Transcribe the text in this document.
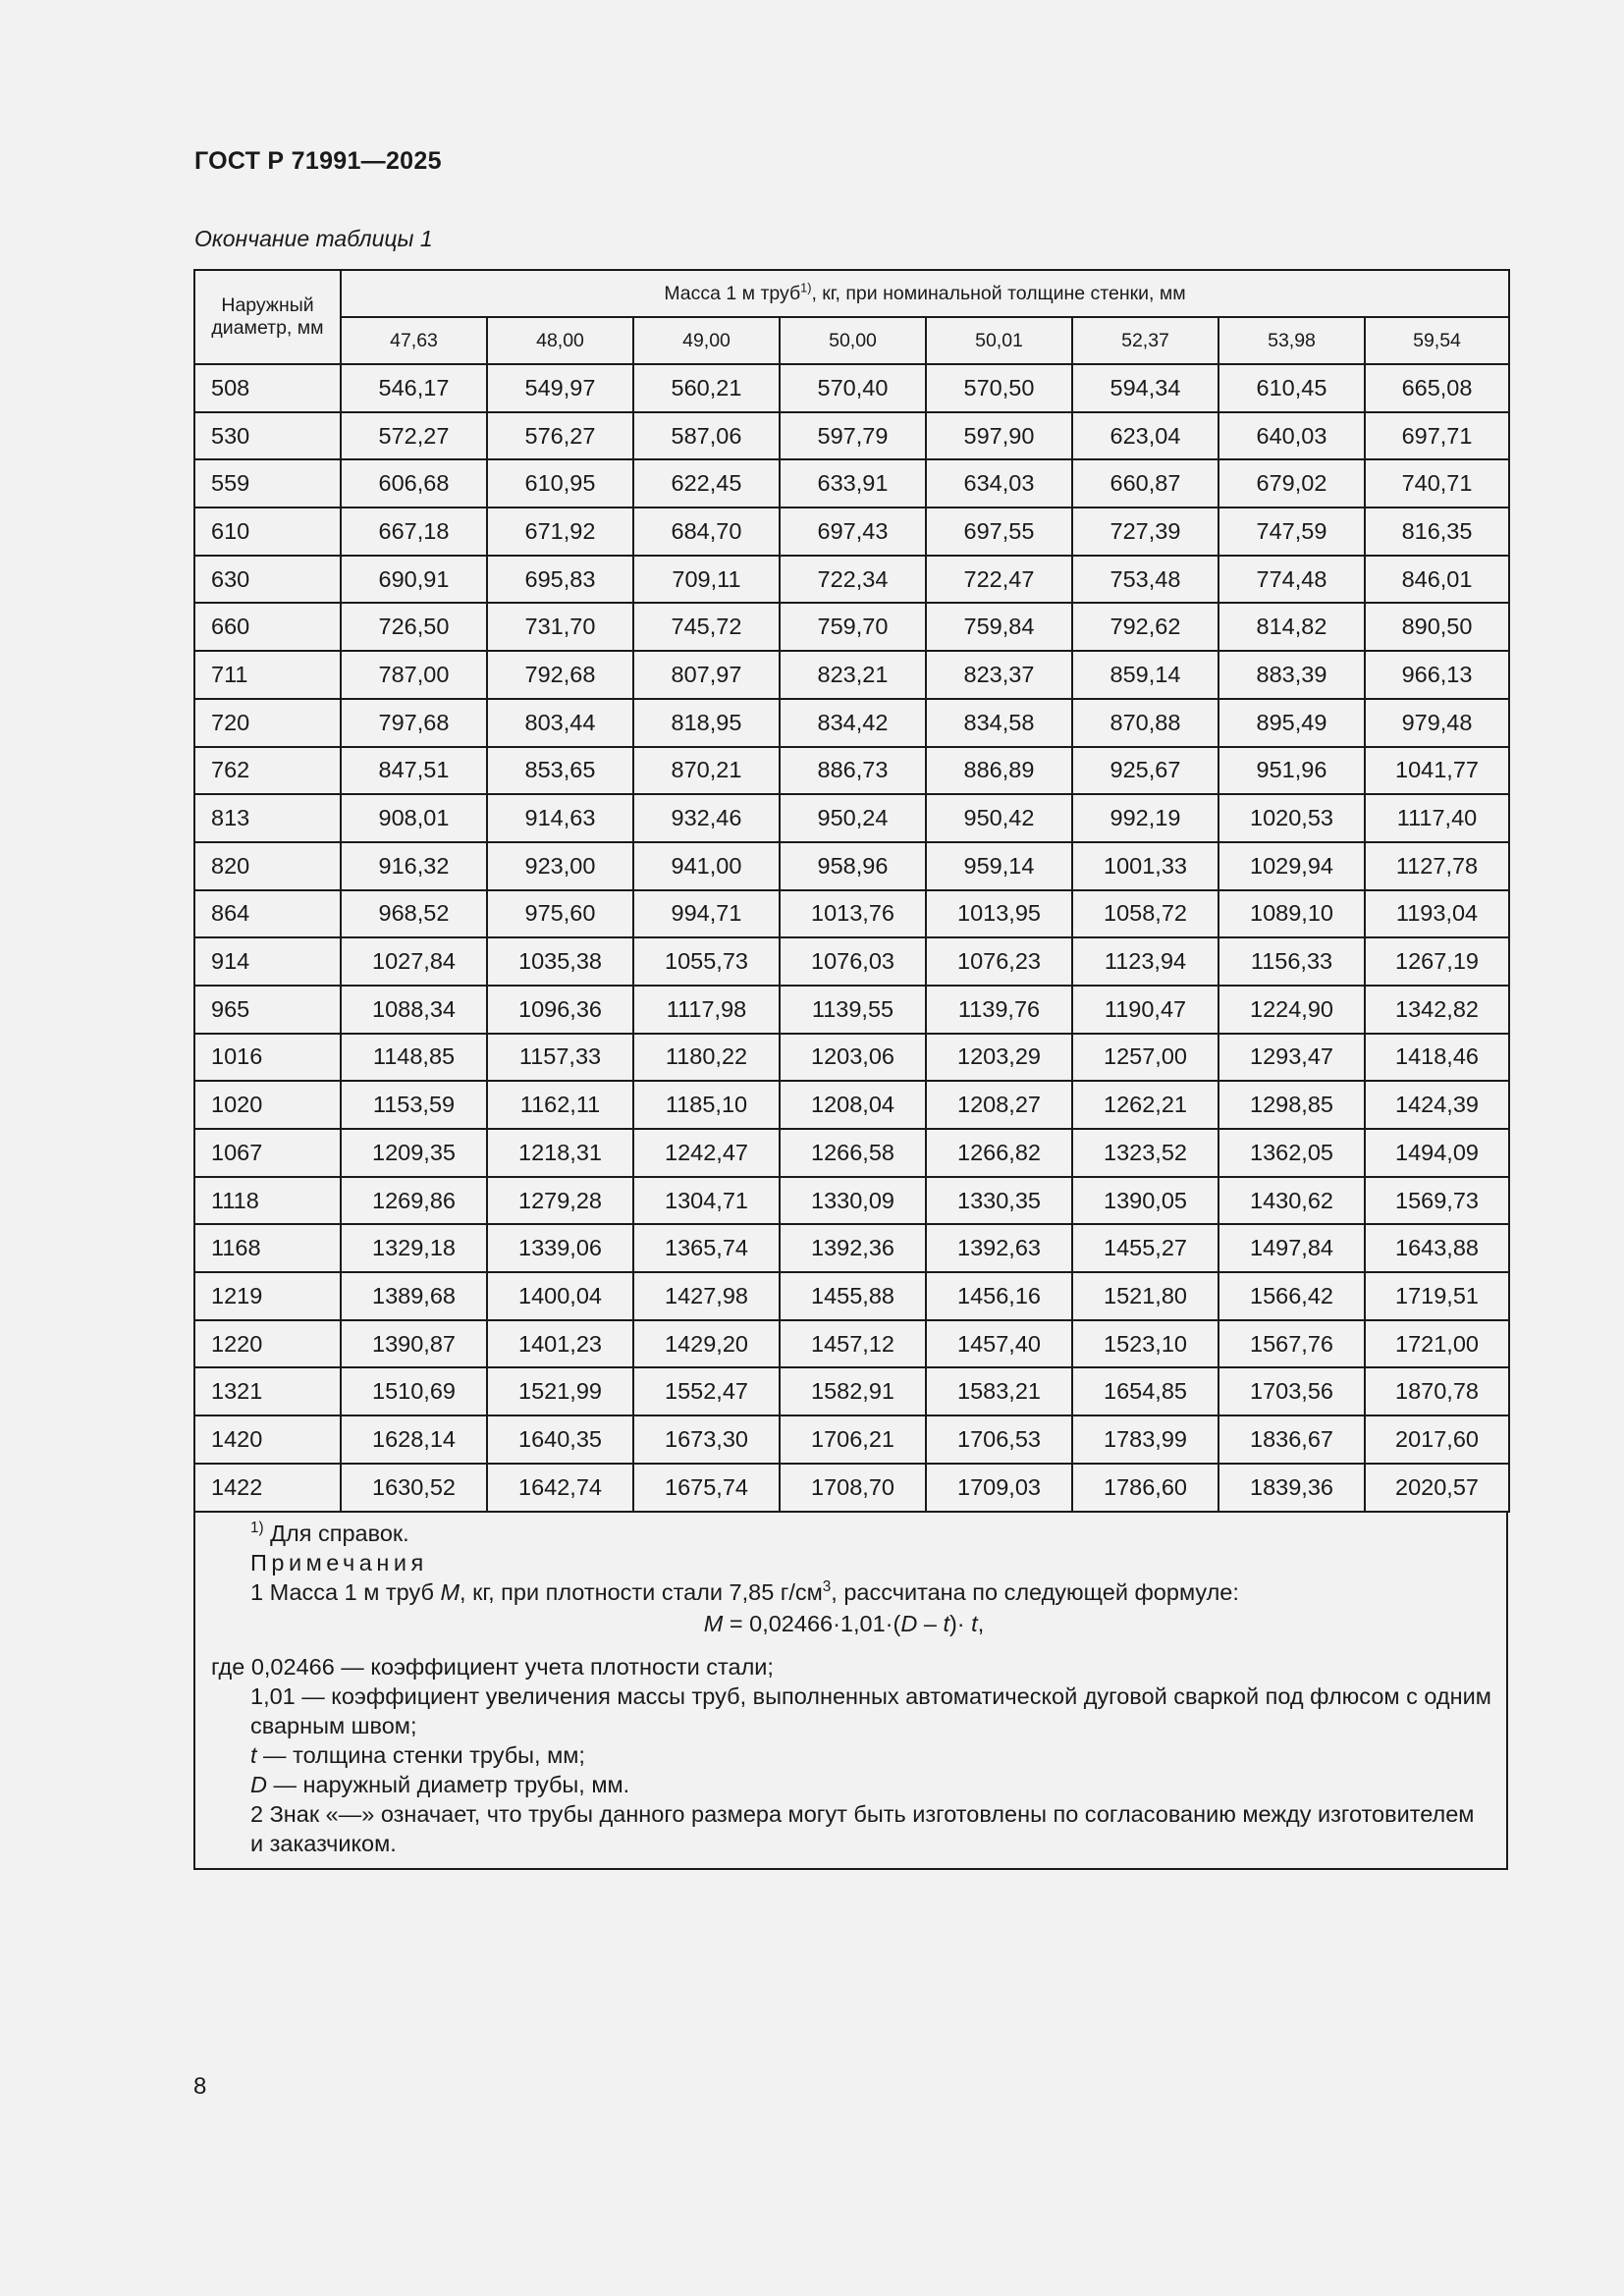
ГОСТ Р 71991—2025
Окончание таблицы 1
Наружный диаметр, мм	Масса 1 м труб$^{1)}$, кг, при номинальной толщине стенки, мм							
	47,63	48,00	49,00	50,00	50,01	52,37	53,98	59,54
508	546,17	549,97	560,21	570,40	570,50	594,34	610,45	665,08
530	572,27	576,27	587,06	597,79	597,90	623,04	640,03	697,71
559	606,68	610,95	622,45	633,91	634,03	660,87	679,02	740,71
610	667,18	671,92	684,70	697,43	697,55	727,39	747,59	816,35
630	690,91	695,83	709,11	722,34	722,47	753,48	774,48	846,01
660	726,50	731,70	745,72	759,70	759,84	792,62	814,82	890,50
711	787,00	792,68	807,97	823,21	823,37	859,14	883,39	966,13
720	797,68	803,44	818,95	834,42	834,58	870,88	895,49	979,48
762	847,51	853,65	870,21	886,73	886,89	925,67	951,96	1041,77
813	908,01	914,63	932,46	950,24	950,42	992,19	1020,53	1117,40
820	916,32	923,00	941,00	958,96	959,14	1001,33	1029,94	1127,78
864	968,52	975,60	994,71	1013,76	1013,95	1058,72	1089,10	1193,04
914	1027,84	1035,38	1055,73	1076,03	1076,23	1123,94	1156,33	1267,19
965	1088,34	1096,36	1117,98	1139,55	1139,76	1190,47	1224,90	1342,82
1016	1148,85	1157,33	1180,22	1203,06	1203,29	1257,00	1293,47	1418,46
1020	1153,59	1162,11	1185,10	1208,04	1208,27	1262,21	1298,85	1424,39
1067	1209,35	1218,31	1242,47	1266,58	1266,82	1323,52	1362,05	1494,09
1118	1269,86	1279,28	1304,71	1330,09	1330,35	1390,05	1430,62	1569,73
1168	1329,18	1339,06	1365,74	1392,36	1392,63	1455,27	1497,84	1643,88
1219	1389,68	1400,04	1427,98	1455,88	1456,16	1521,80	1566,42	1719,51
1220	1390,87	1401,23	1429,20	1457,12	1457,40	1523,10	1567,76	1721,00
1321	1510,69	1521,99	1552,47	1582,91	1583,21	1654,85	1703,56	1870,78
1420	1628,14	1640,35	1673,30	1706,21	1706,53	1783,99	1836,67	2017,60
1422	1630,52	1642,74	1675,74	1708,70	1709,03	1786,60	1839,36	2020,57
$^{1)}$ Для справок.
Примечания
1 Масса 1 м труб M, кг, при плотности стали 7,85 $г/см^3$, рассчитана по следующей формуле:
M = 0,02466·1,01·(D – t)· t,
где 0,02466 — коэффициент учета плотности стали;
1,01 — коэффициент увеличения массы труб, выполненных автоматической дуговой сваркой под флюсом с одним сварным швом;
t — толщина стенки трубы, мм;
D — наружный диаметр трубы, мм.
2 Знак «—» означает, что трубы данного размера могут быть изготовлены по согласованию между изготовителем и заказчиком.
8
